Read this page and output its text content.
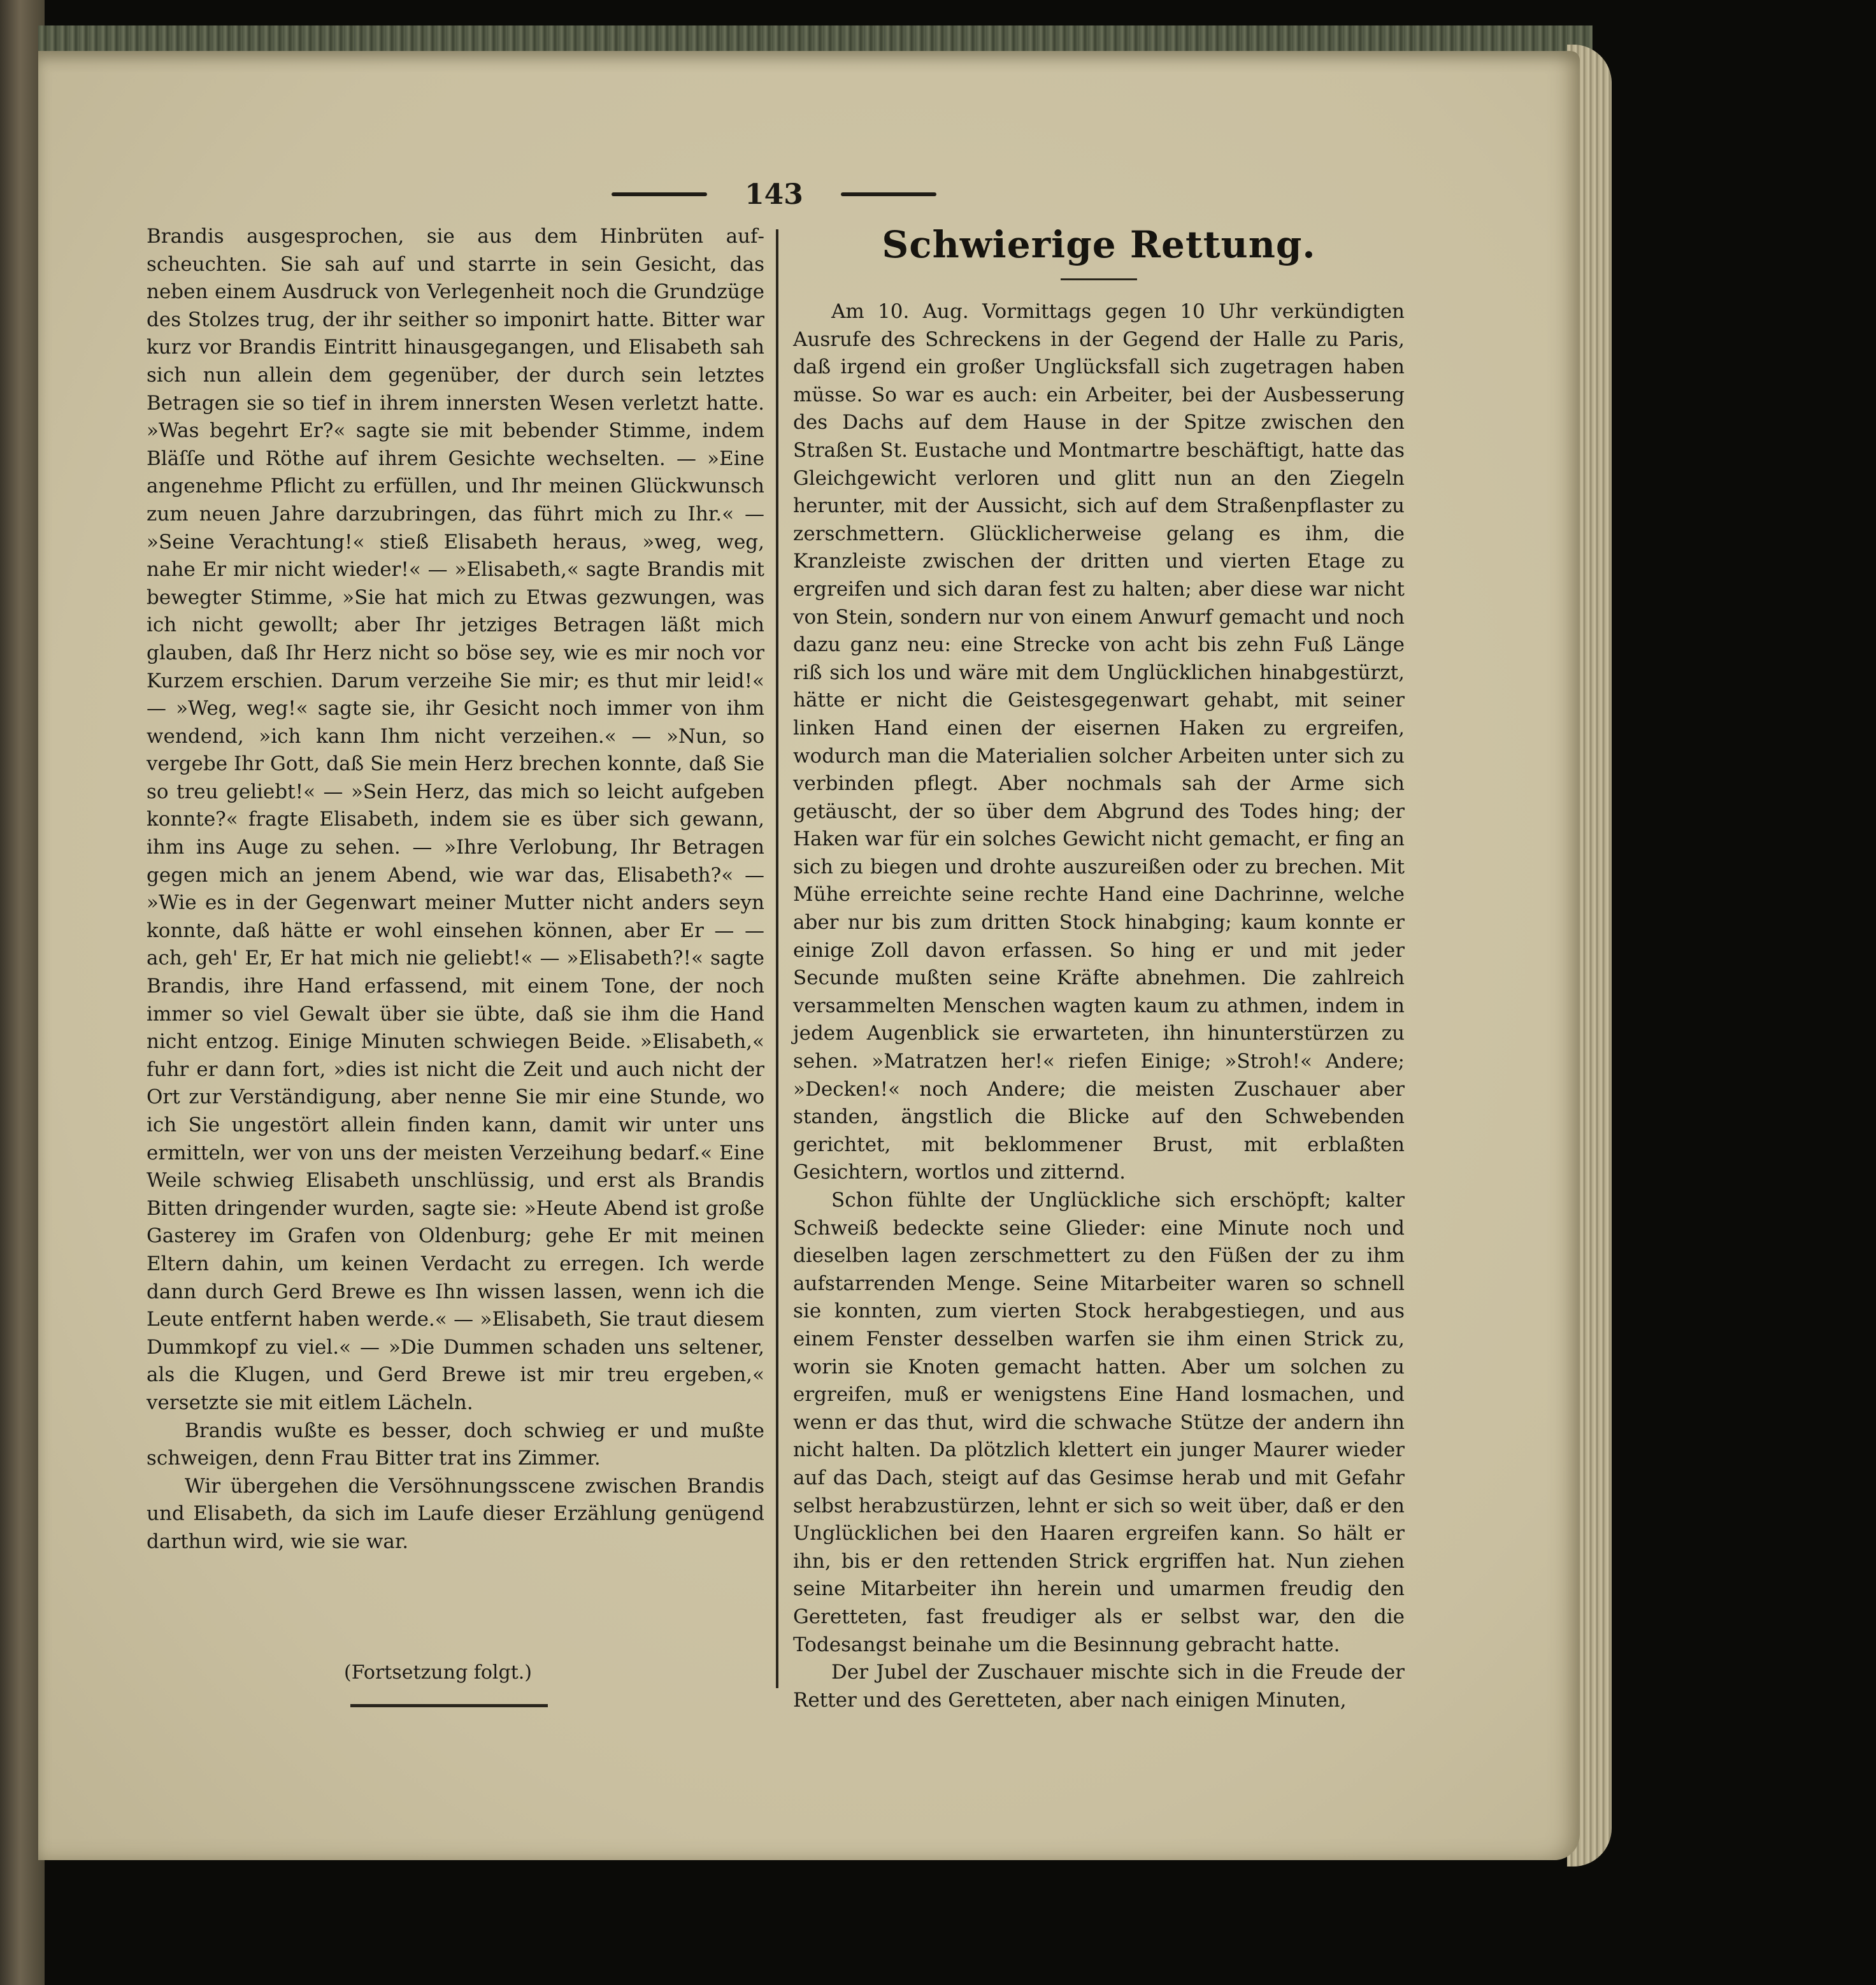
143

Brandis ausgesprochen, sie aus dem Hinbrüten aufscheuchten. Sie sah auf und starrte in sein Gesicht, das neben einem Ausdruck von Verlegenheit noch die Grundzüge des Stolzes trug, der ihr seither so imponirt hatte. Bitter war kurz vor Brandis Eintritt hinausgegangen, und Elisabeth sah sich nun allein dem gegenüber, der durch sein letztes Betragen sie so tief in ihrem innersten Wesen verletzt hatte. »Was begehrt Er?« sagte sie mit bebender Stimme, indem Bläſſe und Röthe auf ihrem Gesichte wechselten. — »Eine angenehme Pflicht zu erfüllen, und Ihr meinen Glückwunsch zum neuen Jahre darzubringen, das führt mich zu Ihr.« — »Seine Verachtung!« stieß Elisabeth heraus, »weg, weg, nahe Er mir nicht wieder!« — »Elisabeth,« sagte Brandis mit bewegter Stimme, »Sie hat mich zu Etwas gezwungen, was ich nicht gewollt; aber Ihr jetziges Betragen läßt mich glauben, daß Ihr Herz nicht so böse sey, wie es mir noch vor Kurzem erschien. Darum verzeihe Sie mir; es thut mir leid!« — »Weg, weg!« sagte sie, ihr Gesicht noch immer von ihm wendend, »ich kann Ihm nicht verzeihen.« — »Nun, so vergebe Ihr Gott, daß Sie mein Herz brechen konnte, daß Sie so treu geliebt!« — »Sein Herz, das mich so leicht aufgeben konnte?« fragte Elisabeth, indem sie es über sich gewann, ihm ins Auge zu sehen. — »Ihre Verlobung, Ihr Betragen gegen mich an jenem Abend, wie war das, Elisabeth?« — »Wie es in der Gegenwart meiner Mutter nicht anders seyn konnte, daß hätte er wohl einsehen können, aber Er — — ach, geh' Er, Er hat mich nie geliebt!« — »Elisabeth?!« sagte Brandis, ihre Hand erfassend, mit einem Tone, der noch immer so viel Gewalt über sie übte, daß sie ihm die Hand nicht entzog. Einige Minuten schwiegen Beide. »Elisabeth,« fuhr er dann fort, »dies ist nicht die Zeit und auch nicht der Ort zur Verständigung, aber nenne Sie mir eine Stunde, wo ich Sie ungestört allein finden kann, damit wir unter uns ermitteln, wer von uns der meisten Verzeihung bedarf.« Eine Weile schwieg Elisabeth unschlüssig, und erst als Brandis Bitten dringender wurden, sagte sie: »Heute Abend ist große Gasterey im Grafen von Oldenburg; gehe Er mit meinen Eltern dahin, um keinen Verdacht zu erregen. Ich werde dann durch Gerd Brewe es Ihn wissen lassen, wenn ich die Leute entfernt haben werde.« — »Elisabeth, Sie traut diesem Dummkopf zu viel.« — »Die Dummen schaden uns seltener, als die Klugen, und Gerd Brewe ist mir treu ergeben,« versetzte sie mit eitlem Lächeln.

Brandis wußte es besser, doch schwieg er und mußte schweigen, denn Frau Bitter trat ins Zimmer.

Wir übergehen die Versöhnungsscene zwischen Brandis und Elisabeth, da sich im Laufe dieser Erzählung genügend darthun wird, wie sie war.

(Fortsetzung folgt.)
Schwierige Rettung.

Am 10. Aug. Vormittags gegen 10 Uhr verkündigten Ausrufe des Schreckens in der Gegend der Halle zu Paris, daß irgend ein großer Unglücksfall sich zugetragen haben müsse. So war es auch: ein Arbeiter, bei der Ausbesserung des Dachs auf dem Hause in der Spitze zwischen den Straßen St. Eustache und Montmartre beschäftigt, hatte das Gleichgewicht verloren und glitt nun an den Ziegeln herunter, mit der Aussicht, sich auf dem Straßenpflaster zu zerschmettern. Glücklicherweise gelang es ihm, die Kranzleiste zwischen der dritten und vierten Etage zu ergreifen und sich daran fest zu halten; aber diese war nicht von Stein, sondern nur von einem Anwurf gemacht und noch dazu ganz neu: eine Strecke von acht bis zehn Fuß Länge riß sich los und wäre mit dem Unglücklichen hinabgestürzt, hätte er nicht die Geistesgegenwart gehabt, mit seiner linken Hand einen der eisernen Haken zu ergreifen, wodurch man die Materialien solcher Arbeiten unter sich zu verbinden pflegt. Aber nochmals sah der Arme sich getäuscht, der so über dem Abgrund des Todes hing; der Haken war für ein solches Gewicht nicht gemacht, er fing an sich zu biegen und drohte auszureißen oder zu brechen. Mit Mühe erreichte seine rechte Hand eine Dachrinne, welche aber nur bis zum dritten Stock hinabging; kaum konnte er einige Zoll davon erfassen. So hing er und mit jeder Secunde mußten seine Kräfte abnehmen. Die zahlreich versammelten Menschen wagten kaum zu athmen, indem in jedem Augenblick sie erwarteten, ihn hinunterstürzen zu sehen. »Matratzen her!« riefen Einige; »Stroh!« Andere; »Decken!« noch Andere; die meisten Zuschauer aber standen, ängstlich die Blicke auf den Schwebenden gerichtet, mit beklommener Brust, mit erblaßten Gesichtern, wortlos und zitternd.

Schon fühlte der Unglückliche sich erschöpft; kalter Schweiß bedeckte seine Glieder: eine Minute noch und dieselben lagen zerschmettert zu den Füßen der zu ihm aufstarrenden Menge. Seine Mitarbeiter waren so schnell sie konnten, zum vierten Stock herabgestiegen, und aus einem Fenster desselben warfen sie ihm einen Strick zu, worin sie Knoten gemacht hatten. Aber um solchen zu ergreifen, muß er wenigstens Eine Hand losmachen, und wenn er das thut, wird die schwache Stütze der andern ihn nicht halten. Da plötzlich klettert ein junger Maurer wieder auf das Dach, steigt auf das Gesimse herab und mit Gefahr selbst herabzustürzen, lehnt er sich so weit über, daß er den Unglücklichen bei den Haaren ergreifen kann. So hält er ihn, bis er den rettenden Strick ergriffen hat. Nun ziehen seine Mitarbeiter ihn herein und umarmen freudig den Geretteten, fast freudiger als er selbst war, den die Todesangst beinahe um die Besinnung gebracht hatte.

Der Jubel der Zuschauer mischte sich in die Freude der Retter und des Geretteten, aber nach einigen Minuten,
